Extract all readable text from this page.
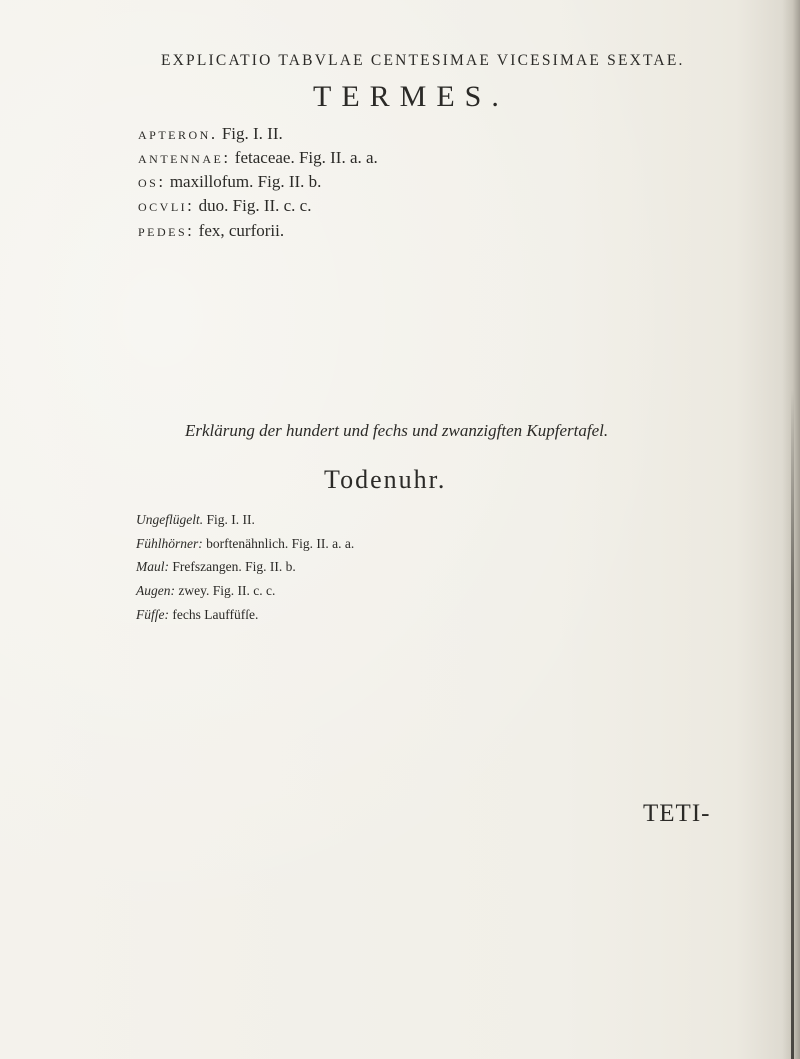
EXPLICATIO TABVLAE CENTESIMAE VICESIMAE SEXTAE.
TERMES.
apteron. Fig. I. II.
antennae: fetaceae. Fig. II. a. a.
os: maxillofum. Fig. II. b.
ocvli: duo. Fig. II. c. c.
pedes: fex, curforii.
Erklärung der hundert und fechs und zwanzigften Kupfertafel.
Todenuhr.
Ungeflügelt. Fig. I. II.
Fühlhörner: borftenähnlich. Fig. II. a. a.
Maul: Frefszangen. Fig. II. b.
Augen: zwey. Fig. II. c. c.
Füfſe: fechs Lauffüfſe.
TETI-
